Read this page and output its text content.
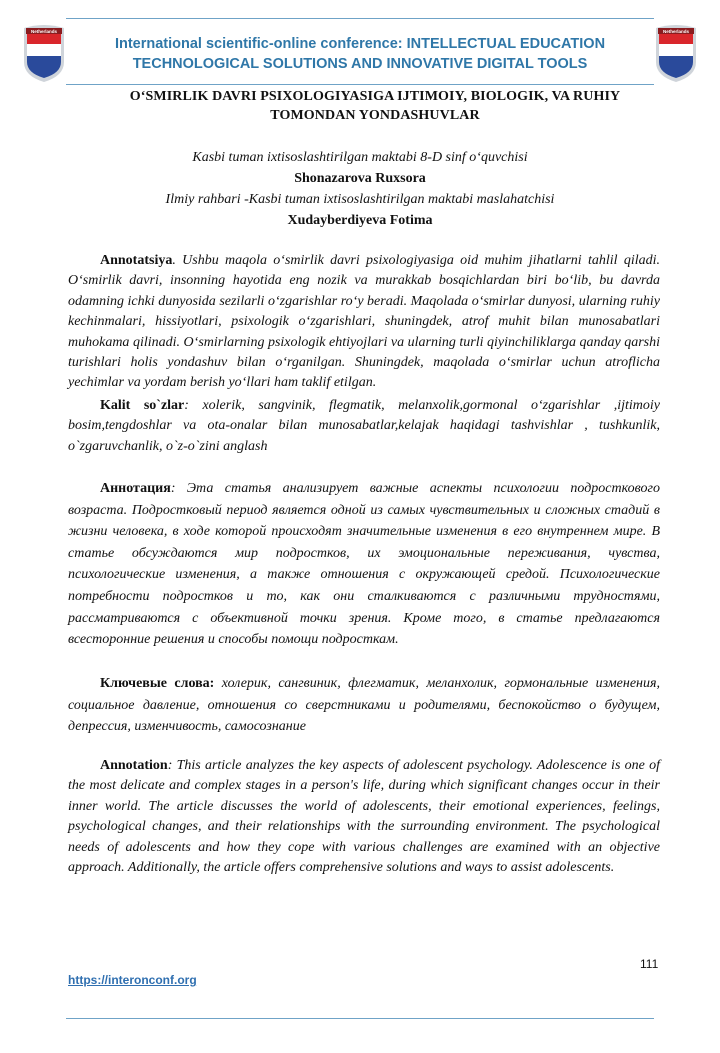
Netherlands	Netherlands
International scientific-online conference: INTELLECTUAL EDUCATION
TECHNOLOGICAL SOLUTIONS AND INNOVATIVE DIGITAL TOOLS
O‘SMIRLIK DAVRI PSIXOLOGIYASIGA IJTIMOIY, BIOLOGIK, VA RUHIY
TOMONDAN YONDASHUVLAR
Kasbi tuman ixtisoslashtirilgan maktabi 8-D sinf o‘quvchisi
Shonazarova Ruxsora
Ilmiy rahbari -Kasbi tuman ixtisoslashtirilgan maktabi maslahatchisi
Xudayberdiyeva Fotima
Annotatsiya. Ushbu maqola o‘smirlik davri psixologiyasiga oid muhim jihatlarni tahlil qiladi. O‘smirlik davri, insonning hayotida eng nozik va murakkab bosqichlardan biri bo‘lib, bu davrda odamning ichki dunyosida sezilarli o‘zgarishlar ro‘y beradi. Maqolada o‘smirlar dunyosi, ularning ruhiy kechinmalari, hissiyotlari, psixologik o‘zgarishlari, shuningdek, atrof muhit bilan munosabatlari muhokama qilinadi. O‘smirlarning psixologik ehtiyojlari va ularning turli qiyinchiliklarga qanday qarshi turishlari holis yondashuv bilan o‘rganilgan. Shuningdek, maqolada o‘smirlar uchun atroflicha yechimlar va yordam berish yo‘llari ham taklif etilgan.
Kalit so`zlar: xolerik, sangvinik, flegmatik, melanxolik,gormonal o‘zgarishlar ,ijtimoiy bosim,tengdoshlar va ota-onalar bilan munosabatlar,kelajak haqidagi tashvishlar , tushkunlik, o`zgaruvchanlik, o`z-o`zini anglash
Аннотация: Эта статья анализирует важные аспекты психологии подросткового возраста. Подростковый период является одной из самых чувствительных и сложных стадий в жизни человека, в ходе которой происходят значительные изменения в его внутреннем мире. В статье обсуждаются мир подростков, их эмоциональные переживания, чувства, психологические изменения, а также отношения с окружающей средой. Психологические потребности подростков и то, как они сталкиваются с различными трудностями, рассматриваются с объективной точки зрения. Кроме того, в статье предлагаются всесторонние решения и способы помощи подросткам.
Ключевые слова: холерик, сангвиник, флегматик, меланхолик, гормональные изменения, социальное давление, отношения со сверстниками и родителями, беспокойство о будущем, депрессия, изменчивость, самосознание
Annotation: This article analyzes the key aspects of adolescent psychology. Adolescence is one of the most delicate and complex stages in a person's life, during which significant changes occur in their inner world. The article discusses the world of adolescents, their emotional experiences, feelings, psychological changes, and their relationships with the surrounding environment. The psychological needs of adolescents and how they cope with various challenges are examined with an objective approach. Additionally, the article offers comprehensive solutions and ways to assist adolescents.
111
https://interonconf.org
